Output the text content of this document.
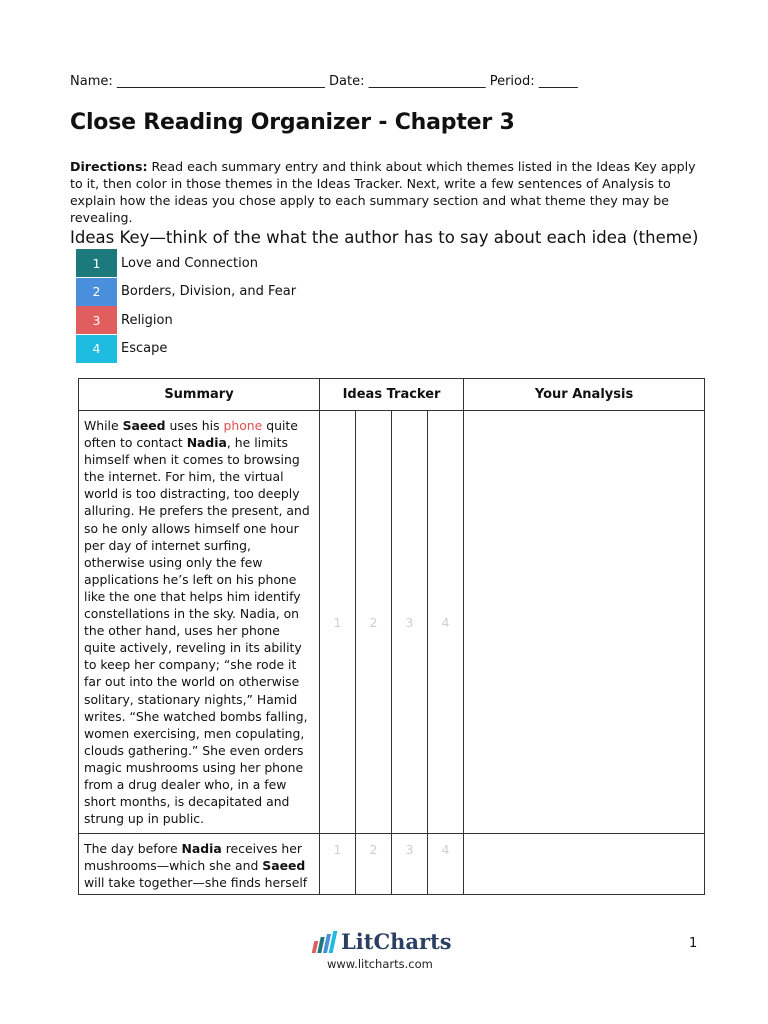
Name: ________________________________ Date: __________________ Period: ______
Close Reading Organizer - Chapter 3
Directions: Read each summary entry and think about which themes listed in the Ideas Key apply to it, then color in those themes in the Ideas Tracker. Next, write a few sentences of Analysis to explain how the ideas you chose apply to each summary section and what theme they may be revealing.
Ideas Key—think of the what the author has to say about each idea (theme)
1	Love and Connection
2	Borders, Division, and Fear
3	Religion
4	Escape
Summary	Ideas Tracker				Your Analysis
While Saeed uses his phone quite often to contact Nadia, he limits himself when it comes to browsing the internet. For him, the virtual world is too distracting, too deeply alluring. He prefers the present, and so he only allows himself one hour per day of internet surfing, otherwise using only the few applications he’s left on his phone like the one that helps him identify constellations in the sky. Nadia, on the other hand, uses her phone quite actively, reveling in its ability to keep her company; “she rode it far out into the world on otherwise solitary, stationary nights,” Hamid writes. “She watched bombs falling, women exercising, men copulating, clouds gathering.” She even orders magic mushrooms using her phone from a drug dealer who, in a few short months, is decapitated and strung up in public.	1	2	3	4	
The day before Nadia receives her mushrooms—which she and Saeed will take together—she finds herself	1	2	3	4	
LitCharts
www.litcharts.com
1
